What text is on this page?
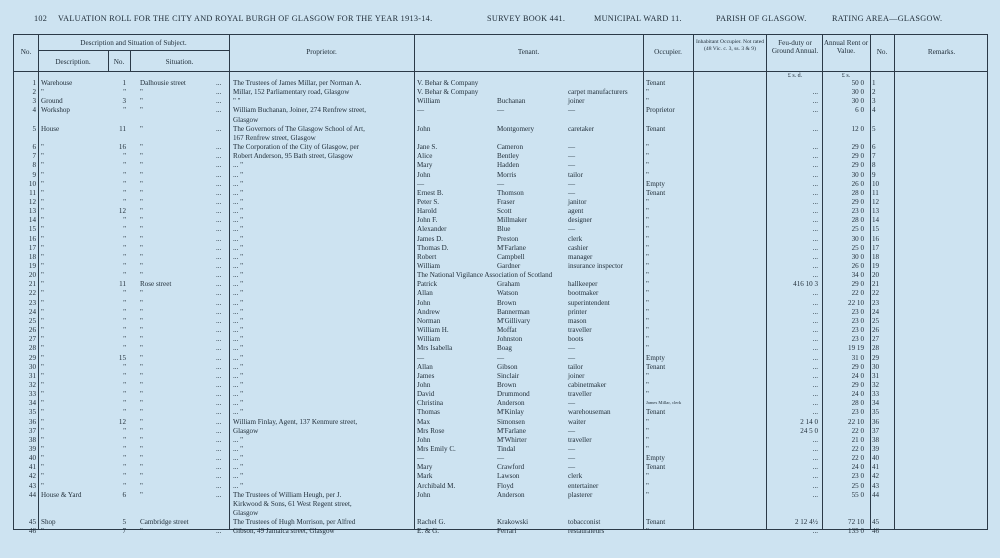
102 VALUATION ROLL FOR THE CITY AND ROYAL BURGH OF GLASGOW FOR THE YEAR 1913-14.	SURVEY BOOK 441.	MUNICIPAL WARD 11.	PARISH OF GLASGOW.	RATING AREA—GLASGOW.
No.
Description and Situation of Subject.
Description.	No.	Situation.
Proprietor.	Tenant.	Occupier.
Inhabitant Occupier. Not rated (48 Vic. c. 3, ss. 3 & 9)
Feu-duty or Ground Annual.
£ s. d.
Annual Rent or Value.
£ s.
No.	Remarks.
1 Warehouse	1 Dalhousie street	...	The Trustees of James Millar, per Norman A.	V. Behar & Company	Tenant	50 0 1
2 "	" "	...	Millar, 152 Parliamentary road, Glasgow	V. Behar & Company	carpet manufacturers	"	...	30 0 2
3 Ground	3 "	...	" "	William	Buchanan	joiner	"	...	30 0 3
4 Workshop	" "	...	William Buchanan, Joiner, 274 Renfrew street,	—	—	—	Proprietor	...	6 0 4
Glasgow
5 House	11 "	...	The Governors of The Glasgow School of Art,	John	Montgomery	caretaker	Tenant	...	12 0 5
167 Renfrew street, Glasgow
6 "	16 "	...	The Corporation of the City of Glasgow, per	Jane S.	Cameron	—	"	...	29 0 6
7 "	" "	...	Robert Anderson, 95 Bath street, Glasgow	Alice	Bentley	—	"	...	29 0 7
8 "	" "	...	... "	Mary	Hadden	—	"	...	29 0 8
9 "	" "	...	... "	John	Morris	tailor	"	...	30 0 9
10 "	" "	...	... "	—	—	—	Empty	...	26 0 10
11 "	" "	...	... "	Ernest B.	Thomson	—	Tenant	...	28 0 11
12 "	" "	...	... "	Peter S.	Fraser	janitor	"	...	29 0 12
13 "	12 "	...	... "	Harold	Scott	agent	"	...	23 0 13
14 "	" "	...	... "	John F.	Millmaker	designer	"	...	28 0 14
15 "	" "	...	... "	Alexander	Blue	—	"	...	25 0 15
16 "	" "	...	... "	James D.	Preston	clerk	"	...	30 0 16
17 "	" "	...	... "	Thomas D.	M'Farlane	cashier	"	...	25 0 17
18 "	" "	...	... "	Robert	Campbell	manager	"	...	30 0 18
19 "	" "	...	... "	William	Gardner	insurance inspector	"	...	26 0 19
20 "	" "	...	... "	The National Vigilance Association of Scotland	"	...	34 0 20
21 "	11 Rose street	...	... "	Patrick	Graham	hallkeeper	"	416 10 3	29 0 21
22 "	" "	...	... "	Allan	Watson	bootmaker	"	...	22 0 22
23 "	" "	...	... "	John	Brown	superintendent	"	...	22 10 23
24 "	" "	...	... "	Andrew	Bannerman	printer	"	...	23 0 24
25 "	" "	...	... "	Norman	M'Gillivary	mason	"	...	23 0 25
26 "	" "	...	... "	William H.	Moffat	traveller	"	...	23 0 26
27 "	" "	...	... "	William	Johnston	boots	"	...	23 0 27
28 "	" "	...	... "	Mrs Isabella	Boag	—	"	...	19 19 28
29 "	15 "	...	... "	—	—	—	Empty	...	31 0 29
30 "	" "	...	... "	Allan	Gibson	tailor	Tenant	...	29 0 30
31 "	" "	...	... "	James	Sinclair	joiner	"	...	24 0 31
32 "	" "	...	... "	John	Brown	cabinetmaker	"	...	29 0 32
33 "	" "	...	... "	David	Drummond	traveller	"	...	24 0 33
34 "	" "	...	... "	Christina	Anderson	—	James Millar, clerk	...	28 0 34
35 "	" "	...	... "	Thomas	M'Kinlay	warehouseman	Tenant	...	23 0 35
36 "	12 "	...	William Finlay, Agent, 137 Kenmure street,	Max	Simonsen	waiter	"	2 14 0	22 10 36
37 "	" "	...	Glasgow	Mrs Rose	M'Farlane	—	"	24 5 0	22 0 37
38 "	" "	...	... "	John	M'Whirter	traveller	"	...	21 0 38
39 "	" "	...	... "	Mrs Emily C.	Tindal	—	"	...	22 0 39
40 "	" "	...	... "	—	—	—	Empty	...	22 0 40
41 "	" "	...	... "	Mary	Crawford	—	Tenant	...	24 0 41
42 "	" "	...	... "	Mark	Lawson	clerk	"	...	23 0 42
43 "	" "	...	... "	Archibald M.	Floyd	entertainer	"	...	25 0 43
44 House & Yard	6 "	...	The Trustees of William Heugh, per J.	John	Anderson	plasterer	"	...	55 0 44
Kirkwood & Sons, 61 West Regent street,
Glasgow
45 Shop	5 Cambridge street	The Trustees of Hugh Morrison, per Alfred	Rachel G.	Krakowski	tobacconist	Tenant	2 12 4½	72 10 45
46 "	7 "	...	Gibson, 49 Jamaica street, Glasgow	E. & G.	Ferrari	restaurateurs	"	...	135 0 46
